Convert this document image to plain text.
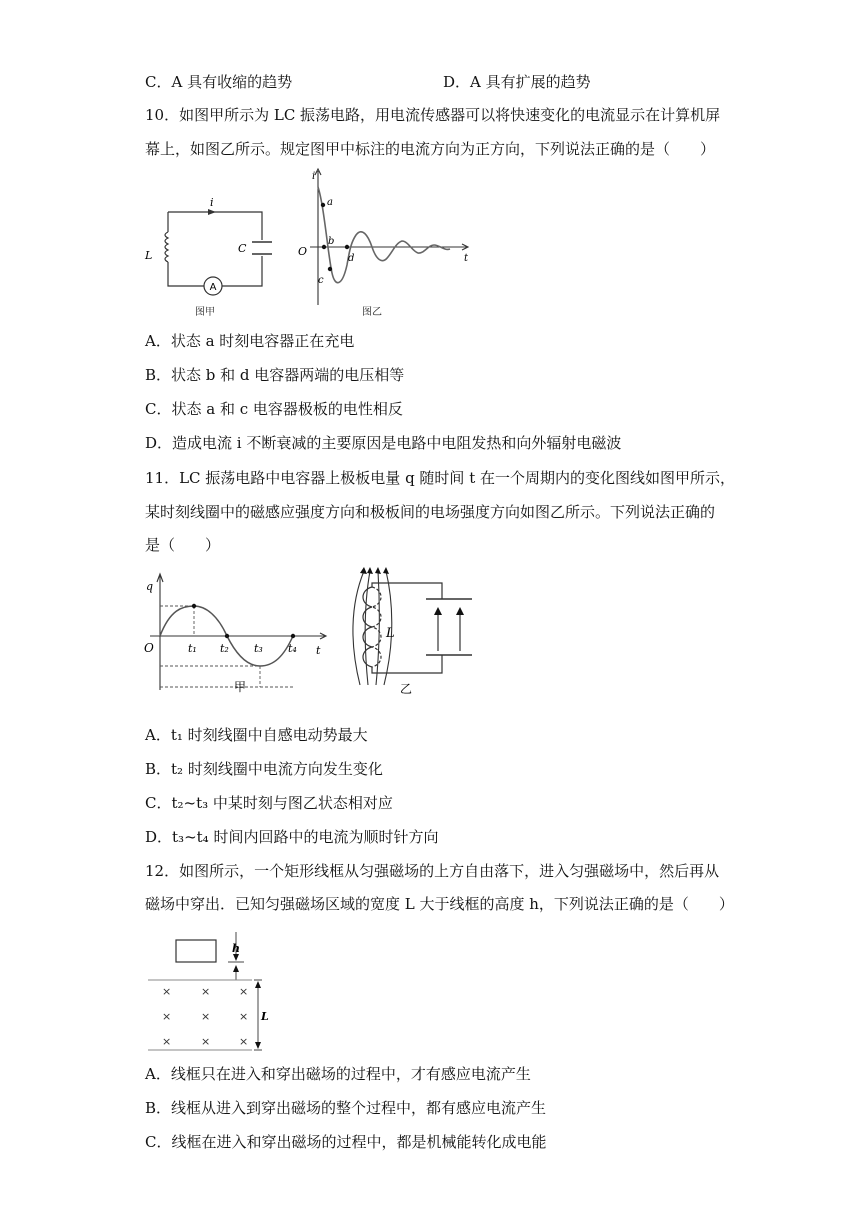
C．A 具有收缩的趋势	D．A 具有扩展的趋势
10．如图甲所示为 LC 振荡电路，用电流传感器可以将快速变化的电流显示在计算机屏
幕上，如图乙所示。规定图甲中标注的电流方向为正方向，下列说法正确的是（　　）
A
i
L
C
图甲
i
O
t
a
b
c
d
图乙
A．状态 a 时刻电容器正在充电
B．状态 b 和 d 电容器两端的电压相等
C．状态 a 和 c 电容器极板的电性相反
D．造成电流 i 不断衰减的主要原因是电路中电阻发热和向外辐射电磁波
11．LC 振荡电路中电容器上极板电量 q 随时间 t 在一个周期内的变化图线如图甲所示，
某时刻线圈中的磁感应强度方向和极板间的电场强度方向如图乙所示。下列说法正确的
是（　　）
q
O	t₁ t₂ t₃ t₄ t
甲
L
乙
A．t₁ 时刻线圈中自感电动势最大
B．t₂ 时刻线圈中电流方向发生变化
C．t₂~t₃ 中某时刻与图乙状态相对应
D．t₃~t₄ 时间内回路中的电流为顺时针方向
12．如图所示，一个矩形线框从匀强磁场的上方自由落下，进入匀强磁场中，然后再从
磁场中穿出．已知匀强磁场区域的宽度 L 大于线框的高度 h，下列说法正确的是（　　）
h
L
×	×	×
×	×	×
×	×	×
A．线框只在进入和穿出磁场的过程中，才有感应电流产生
B．线框从进入到穿出磁场的整个过程中，都有感应电流产生
C．线框在进入和穿出磁场的过程中，都是机械能转化成电能
